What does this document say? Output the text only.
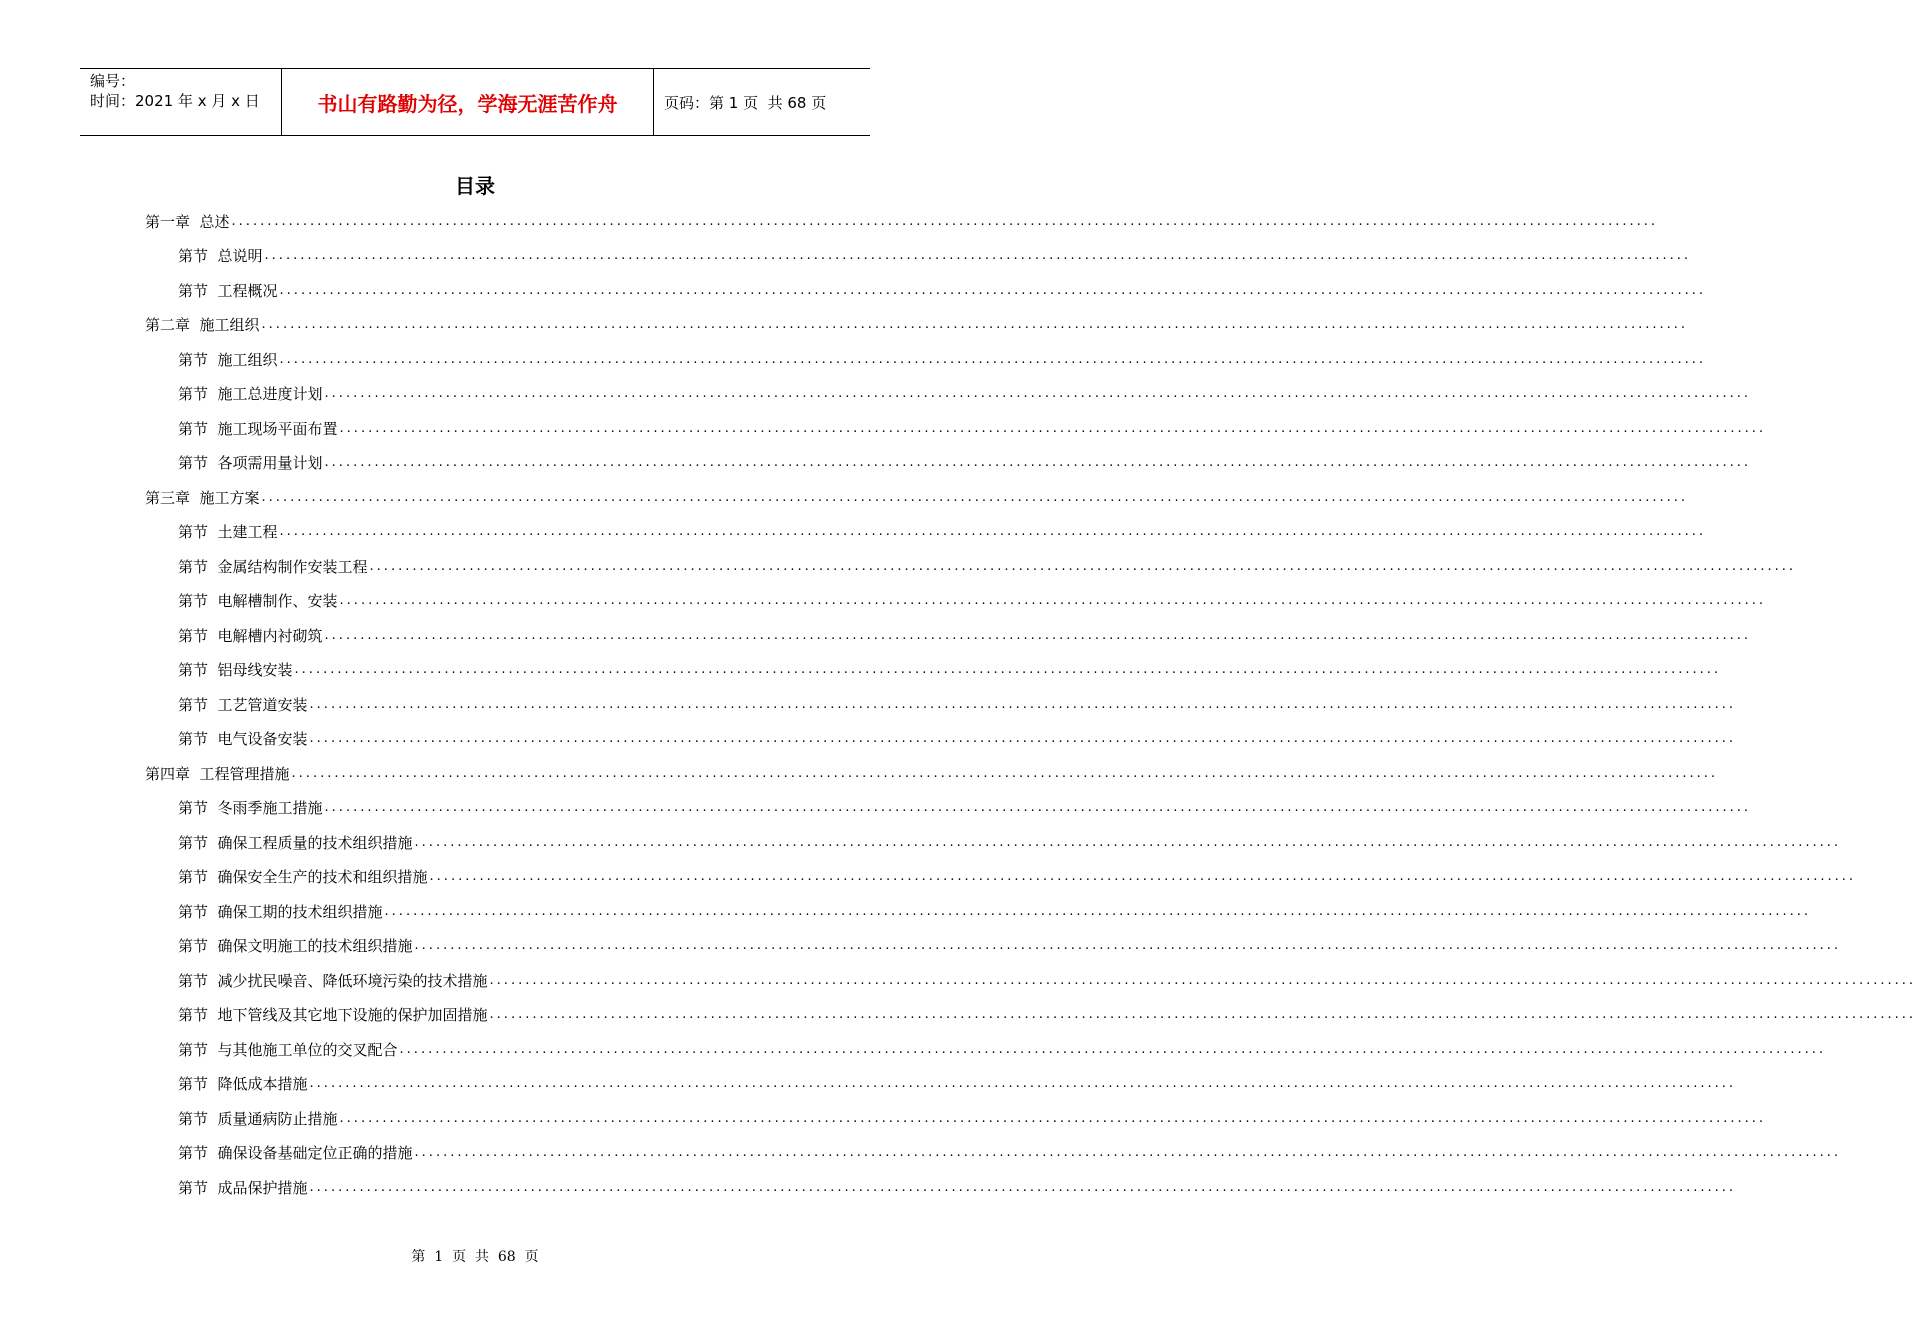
编号：
时间：2021 年 x 月 x 日	书山有路勤为径，学海无涯苦作舟	页码：第 1 页  共 68 页
目录
第一章  总述 ........................................................................................................................................................................................................
第节  总说明 ........................................................................................................................................................................................................
第节  工程概况 ........................................................................................................................................................................................................
第二章  施工组织 ........................................................................................................................................................................................................
第节  施工组织 ........................................................................................................................................................................................................
第节  施工总进度计划 ........................................................................................................................................................................................................
第节  施工现场平面布置 ........................................................................................................................................................................................................
第节  各项需用量计划 ........................................................................................................................................................................................................
第三章  施工方案 ........................................................................................................................................................................................................
第节  土建工程 ........................................................................................................................................................................................................
第节  金属结构制作安装工程 ........................................................................................................................................................................................................
第节  电解槽制作、安装 ........................................................................................................................................................................................................
第节  电解槽内衬砌筑 ........................................................................................................................................................................................................
第节  铝母线安装 ........................................................................................................................................................................................................
第节  工艺管道安装 ........................................................................................................................................................................................................
第节  电气设备安装 ........................................................................................................................................................................................................
第四章  工程管理措施 ........................................................................................................................................................................................................
第节  冬雨季施工措施 ........................................................................................................................................................................................................
第节  确保工程质量的技术组织措施 ........................................................................................................................................................................................................
第节  确保安全生产的技术和组织措施 ........................................................................................................................................................................................................
第节  确保工期的技术组织措施 ........................................................................................................................................................................................................
第节  确保文明施工的技术组织措施 ........................................................................................................................................................................................................
第节  减少扰民噪音、降低环境污染的技术措施 ........................................................................................................................................................................................................
第节  地下管线及其它地下设施的保护加固措施 ........................................................................................................................................................................................................
第节  与其他施工单位的交叉配合 ........................................................................................................................................................................................................
第节  降低成本措施 ........................................................................................................................................................................................................
第节  质量通病防止措施 ........................................................................................................................................................................................................
第节  确保设备基础定位正确的措施 ........................................................................................................................................................................................................
第节  成品保护措施 ........................................................................................................................................................................................................
第  1  页  共  68  页
